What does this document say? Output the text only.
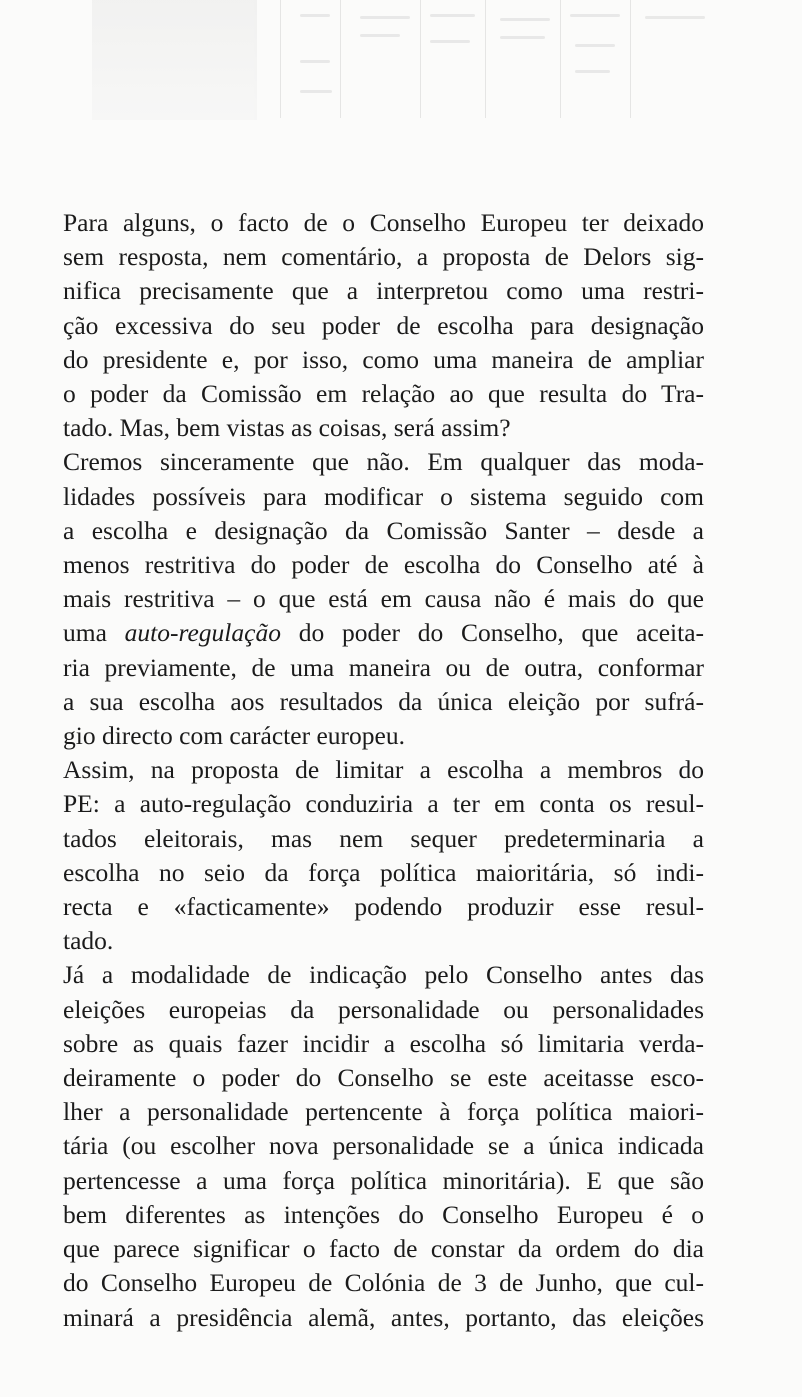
Para alguns, o facto de o Conselho Europeu ter deixado
sem resposta, nem comentário, a proposta de Delors sig-
nifica precisamente que a interpretou como uma restri-
ção excessiva do seu poder de escolha para designação
do presidente e, por isso, como uma maneira de ampliar
o poder da Comissão em relação ao que resulta do Tra-
tado. Mas, bem vistas as coisas, será assim?

Cremos sinceramente que não. Em qualquer das moda-
lidades possíveis para modificar o sistema seguido com
a escolha e designação da Comissão Santer – desde a
menos restritiva do poder de escolha do Conselho até à
mais restritiva – o que está em causa não é mais do que
uma auto-regulação do poder do Conselho, que aceita-
ria previamente, de uma maneira ou de outra, conformar
a sua escolha aos resultados da única eleição por sufrá-
gio directo com carácter europeu.

Assim, na proposta de limitar a escolha a membros do
PE: a auto-regulação conduziria a ter em conta os resul-
tados eleitorais, mas nem sequer predeterminaria a
escolha no seio da força política maioritária, só indi-
recta e «facticamente» podendo produzir esse resul-
tado.

Já a modalidade de indicação pelo Conselho antes das
eleições europeias da personalidade ou personalidades
sobre as quais fazer incidir a escolha só limitaria verda-
deiramente o poder do Conselho se este aceitasse esco-
lher a personalidade pertencente à força política maiori-
tária (ou escolher nova personalidade se a única indicada
pertencesse a uma força política minoritária). E que são
bem diferentes as intenções do Conselho Europeu é o
que parece significar o facto de constar da ordem do dia
do Conselho Europeu de Colónia de 3 de Junho, que cul-
minará a presidência alemã, antes, portanto, das eleições
